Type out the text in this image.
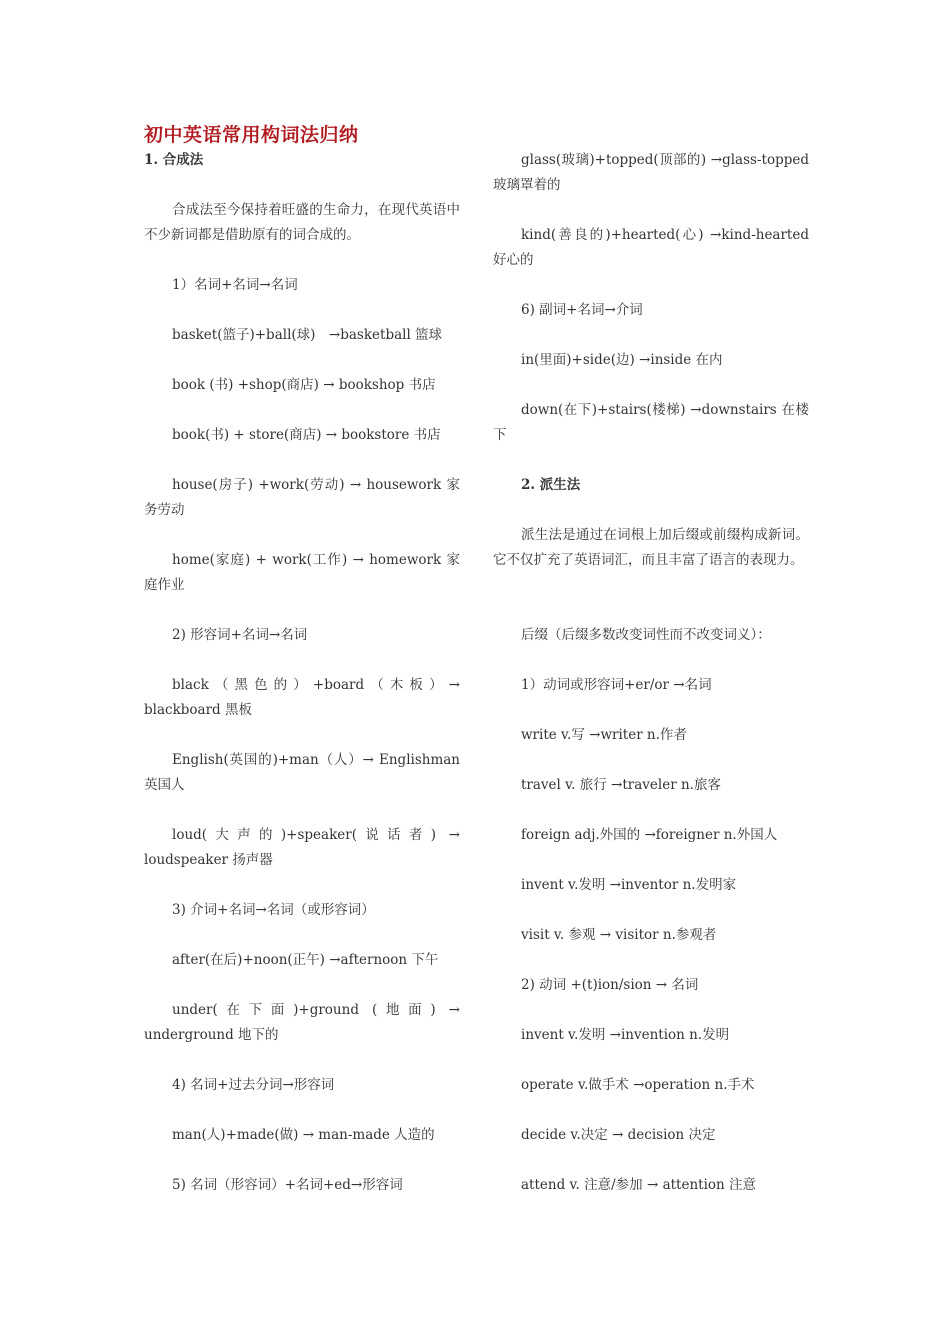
初中英语常用构词法归纳

1. 合成法

合成法至今保持着旺盛的生命力，在现代英语中不少新词都是借助原有的词合成的。

1）名词+名词→名词

basket(篮子)+ball(球)　→basketball 篮球

book (书) +shop(商店) → bookshop 书店

book(书) + store(商店) → bookstore 书店

house(房子) +work(劳动) → housework 家务劳动

home(家庭) + work(工作) → homework 家庭作业

2) 形容词+名词→名词

black（黑色的）+board（木板）→ blackboard 黑板

English(英国的)+man（人）→ Englishman 英国人

loud(大声的)+speaker(说话者) → loudspeaker 扬声器

3) 介词+名词→名词（或形容词）

after(在后)+noon(正午) →afternoon 下午

under(在下面)+ground (地面) → underground 地下的

4) 名词+过去分词→形容词

man(人)+made(做) → man-made 人造的

5) 名词（形容词）+名词+ed→形容词

glass(玻璃)+topped(顶部的) →glass-topped 玻璃罩着的

kind(善良的)+hearted(心) →kind-hearted 好心的

6) 副词+名词→介词

in(里面)+side(边) →inside 在内

down(在下)+stairs(楼梯) →downstairs 在楼下

2. 派生法

派生法是通过在词根上加后缀或前缀构成新词。它不仅扩充了英语词汇，而且丰富了语言的表现力。

后缀（后缀多数改变词性而不改变词义）：

1）动词或形容词+er/or →名词

write v.写 →writer n.作者

travel v. 旅行 →traveler n.旅客

foreign adj.外国的 →foreigner n.外国人

invent v.发明 →inventor n.发明家

visit v. 参观 → visitor n.参观者

2) 动词 +(t)ion/sion → 名词

invent v.发明 →invention n.发明

operate v.做手术 →operation n.手术

decide v.决定 → decision 决定

attend v. 注意/参加 → attention 注意
